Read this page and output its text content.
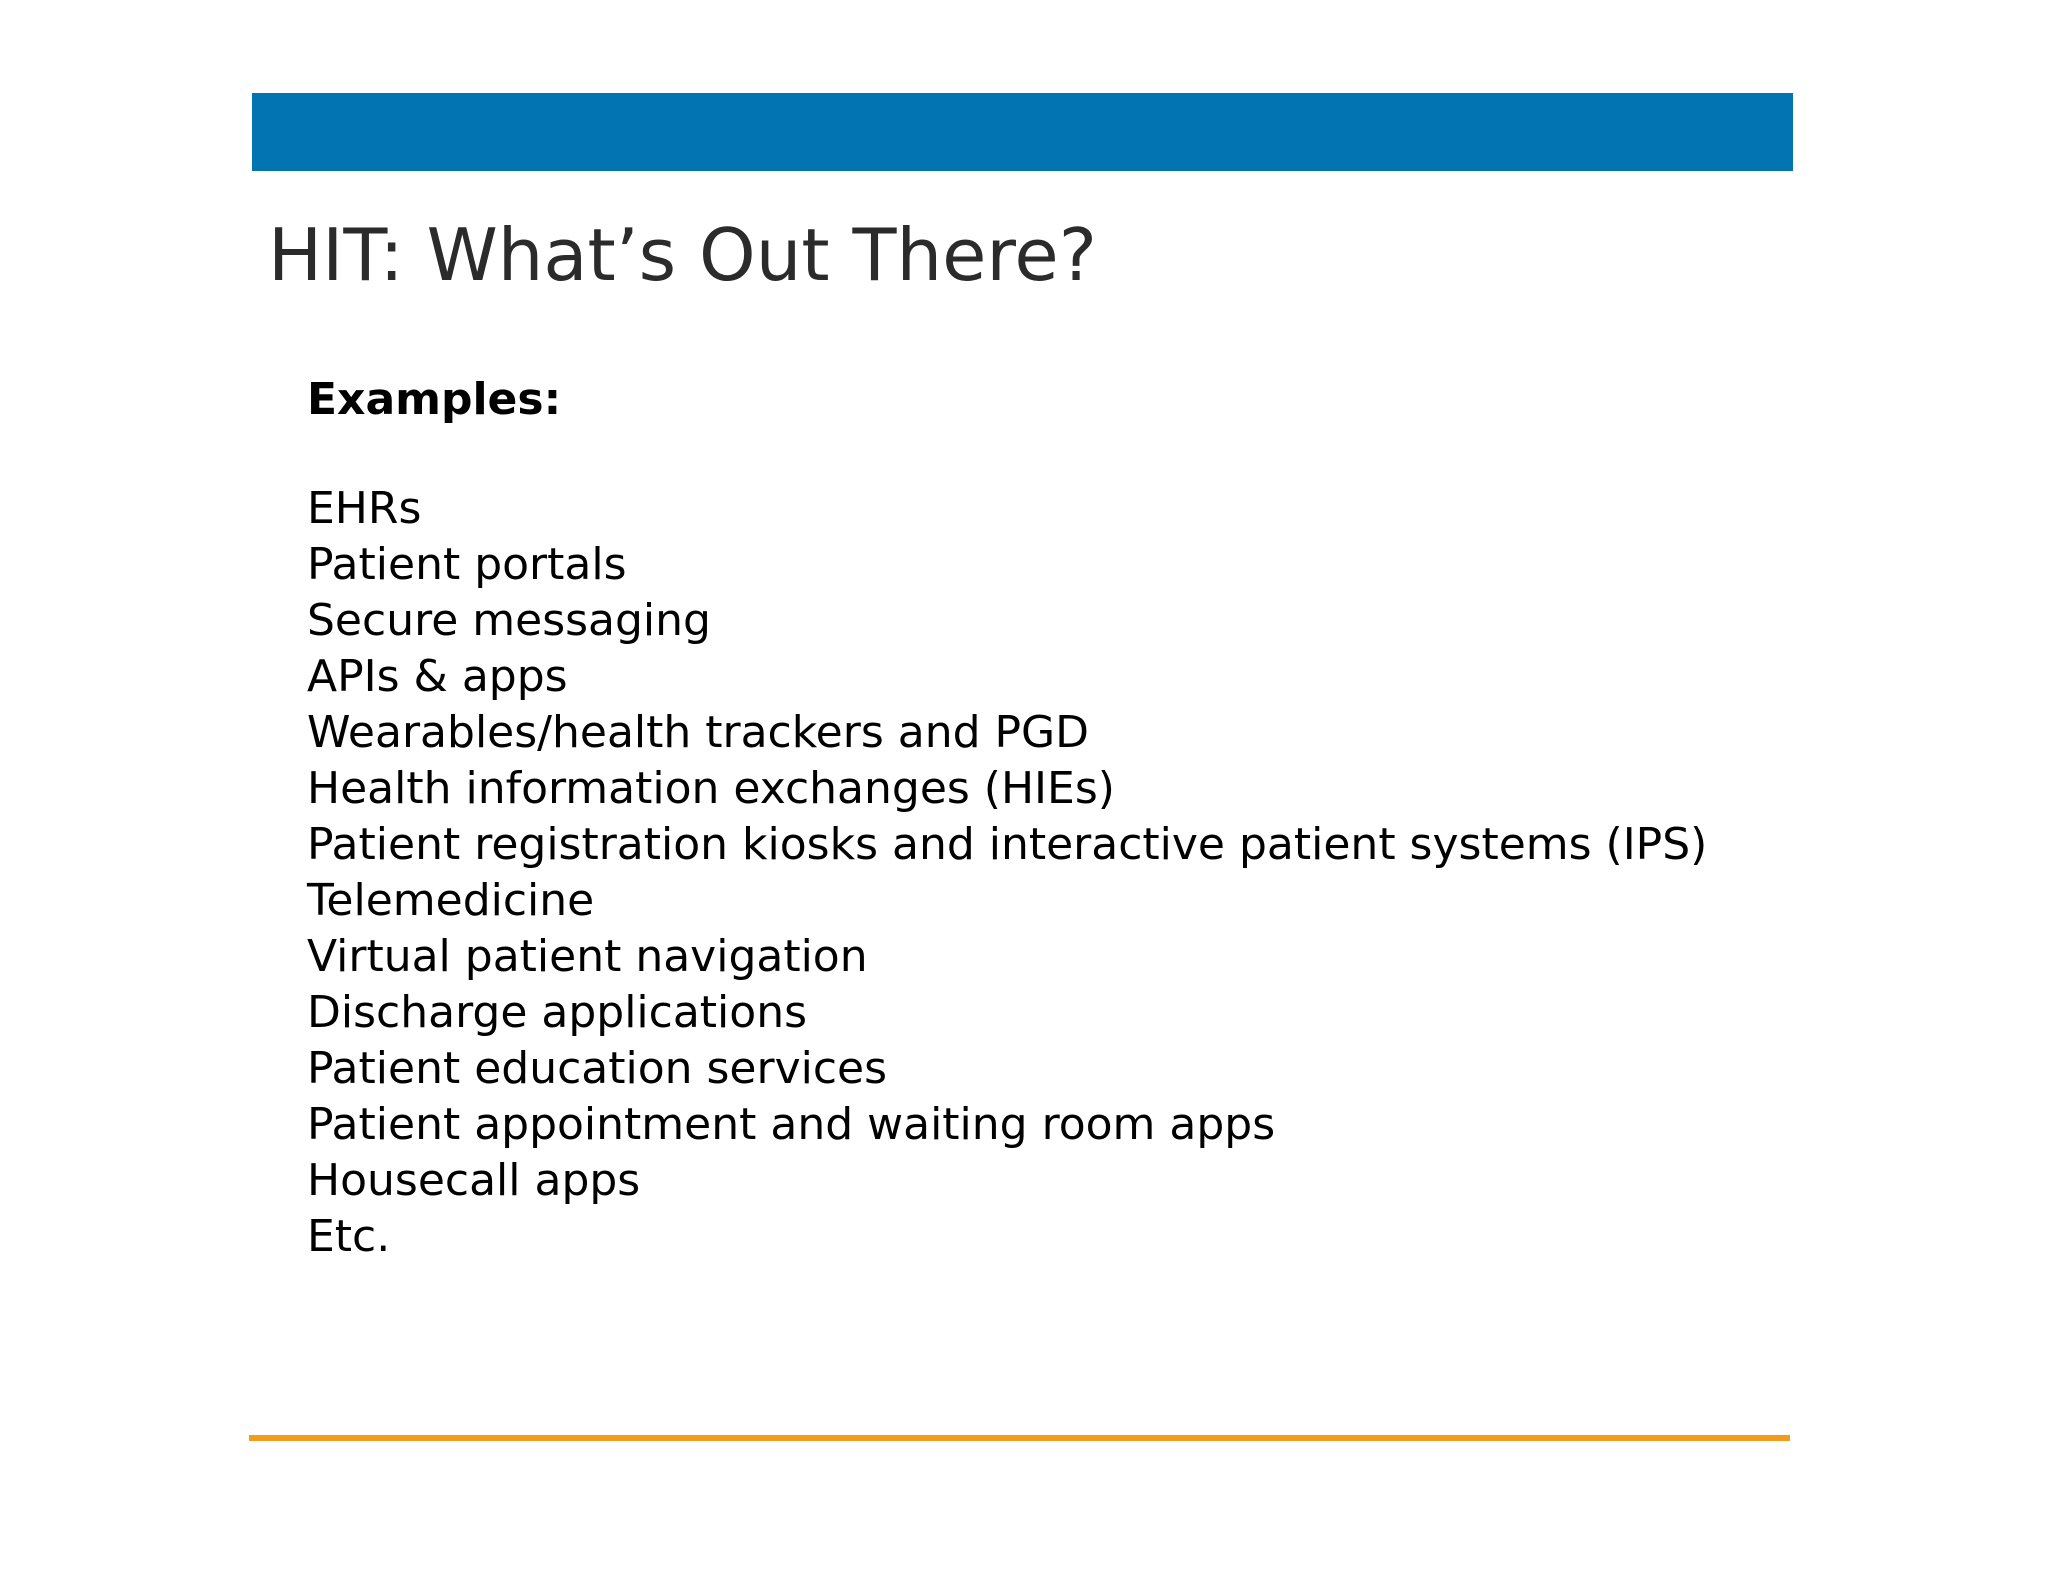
HIT: What’s Out There?
Examples:
EHRs
Patient portals
Secure messaging
APIs & apps
Wearables/health trackers and PGD
Health information exchanges (HIEs)
Patient registration kiosks and interactive patient systems (IPS)
Telemedicine
Virtual patient navigation
Discharge applications
Patient education services
Patient appointment and waiting room apps
Housecall apps
Etc.
